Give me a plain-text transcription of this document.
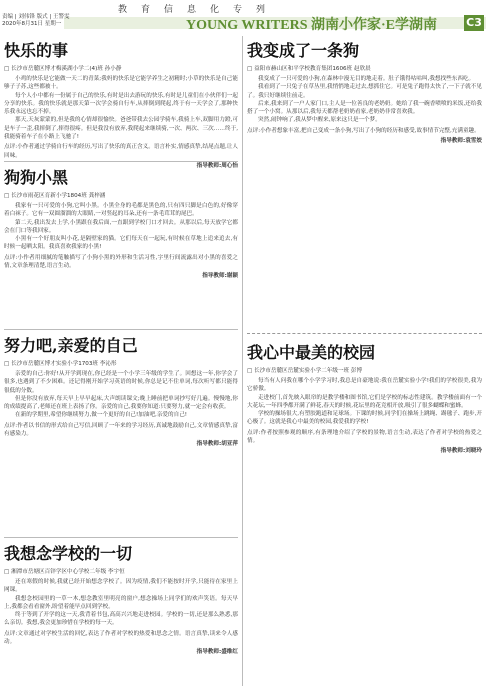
教育信息化专列
责编 | 刘伟锋 版式 | 王警雯
2020年8月31日 星期一	YOUNG WRITERS 湖南小作家·E学湖南	C3
快乐的事
□ 长沙市岳麓区博才梅溪湖小学二(4)班 孙小静

小鸡的快乐是它能做一天二的青菜;我妈的快乐是它能学养生之初精时;小草的快乐是自己能够子子苏,这些都被十。

每个人小中都有一份属于自己的快乐,有时是出去游玩的快乐,有时是儿童们在小伙伴们一起分享的快乐。我的快乐就是那天第一次学会骑自行车,从摔倒到爬起,终于有一天学会了,那种快乐我永远也忘不掉。

那天,天灰蒙蒙的,但是我的心情却很愉快。爸爸带我去公园学骑车,我骑上车,双脚用力蹬,可是车子一歪,我摔倒了,摔得很疼。但是我没有放弃,我爬起来继续骑,一次、两次、三次……终于,我能骑着车子在小路上飞驰了!

点评:小作者通过学骑自行车的经历,写出了快乐的真正含义。语言朴实,情感真挚,结尾点题,让人回味。
指导教师:周心怡
狗狗小黑
□ 长沙市雨花区育新小学1804班 龚梓涵

我家有一只可爱的小狗,它叫小黑。小黑全身的毛都是黑色的,只有四只脚是白色的,好像穿着白袜子。它有一双圆溜溜的大眼睛,一对竖起的耳朵,还有一条毛茸茸的尾巴。

第二天,我出发去上学,小黑跟在我后面,一直跟到学校门口才回去。从那以后,每天放学它都会在门口等我回家。

小黑有一个好朋友叫小花,是隔壁家的猫。它们每天在一起玩,有时候在草地上追来追去,有时候一起晒太阳。我真喜欢我家的小黑!

点评:小作者用细腻的笔触描写了小狗小黑的外形和生活习性,字里行间流露出对小黑的喜爱之情,文章条理清楚,语言生动。
指导教师:谢颖
努力吧,亲爱的自己
□ 长沙市岳麓区博才实验小学1703班 李沁彤

亲爱的自己:你好!从开学到现在,你已经是一个小学三年级的学生了。回想这一年,你学会了很多,也遇到了不少困难。还记得刚开始学习英语的时候,你总是记不住单词,每次听写都只能得很低的分数。

但是你没有放弃,每天早上早早起床,大声朗读课文;晚上睡前把单词抄写好几遍。慢慢地,你的成绩提高了,老师还在班上表扬了你。亲爱的自己,我要你知道:只要努力,就一定会有收获。

在新的学期里,希望你继续努力,做一个更好的自己!加油吧,亲爱的自己!

点评:作者以书信的形式给自己写信,回顾了一年来的学习经历,真诚地鼓励自己,文章情感真挚,富有感染力。
指导教师:胡亚萍
我想念学校的一切
□ 湘潭市岳塘区百锌学区中心学校二年级 李宇恒

还在寒假的时候,我就已经开始想念学校了。因为疫情,我们不能按时开学,只能待在家里上网课。

我想念校园里的一草一木,想念教室里明亮的窗户,想念操场上同学们的欢声笑语。每天早上,我都会看看窗外,盼望着能早点回到学校。

终于等到了开学的这一天,我背着书包,高高兴兴地走进校园。学校的一切,还是那么熟悉,那么亲切。我想,我会更加珍惜在学校的每一天。

点评:文章通过对学校生活的回忆,表达了作者对学校的热爱和思念之情。语言真挚,读来令人感动。
指导教师:盛维红
我变成了一条狗
□ 益阳市赫山区和平学校教育集团1606班 赵欣晨

我变成了一只可爱的小狗,在森林中漫无目的地走着。肚子饿得咕咕叫,我想找些东西吃。

我看到了一只兔子在草丛里,我悄悄地走过去,想抓住它。可是兔子跑得太快了,一下子就不见了。我只好继续往前走。

后来,我来到了一户人家门口,主人是一位善良的老奶奶。她给了我一碗香喷喷的米饭,还给我搭了一个小窝。从那以后,我每天都帮老奶奶看家,老奶奶非常喜欢我。

突然,闹钟响了,我从梦中醒来,原来这只是一个梦。

点评:小作者想象丰富,把自己变成一条小狗,写出了小狗的经历和感受,故事情节完整,充满童趣。
指导教师:袁雪姣
我心中最美的校园
□ 长沙市岳麓区岳麓实验小学二年级一班 彭博

每当有人问我在哪个小学学习时,我总是自豪地说:我在岳麓实验小学!我们的学校很美,我为它骄傲。

走进校门,首先映入眼帘的是教学楼和图书馆,它们是学校的标志性建筑。教学楼前面有一个大花坛,一年四季都开满了鲜花,春天的时候,花坛里的花竞相开放,吸引了很多蝴蝶和蜜蜂。

学校的操场很大,有塑胶跑道和足球场。下课的时候,同学们在操场上跳绳、踢毽子、跑步,开心极了。这就是我心中最美的校园,我爱我的学校!

点评:作者按照参观的顺序,有条理地介绍了学校的景物,语言生动,表达了作者对学校的热爱之情。
指导教师:刘晓玲
